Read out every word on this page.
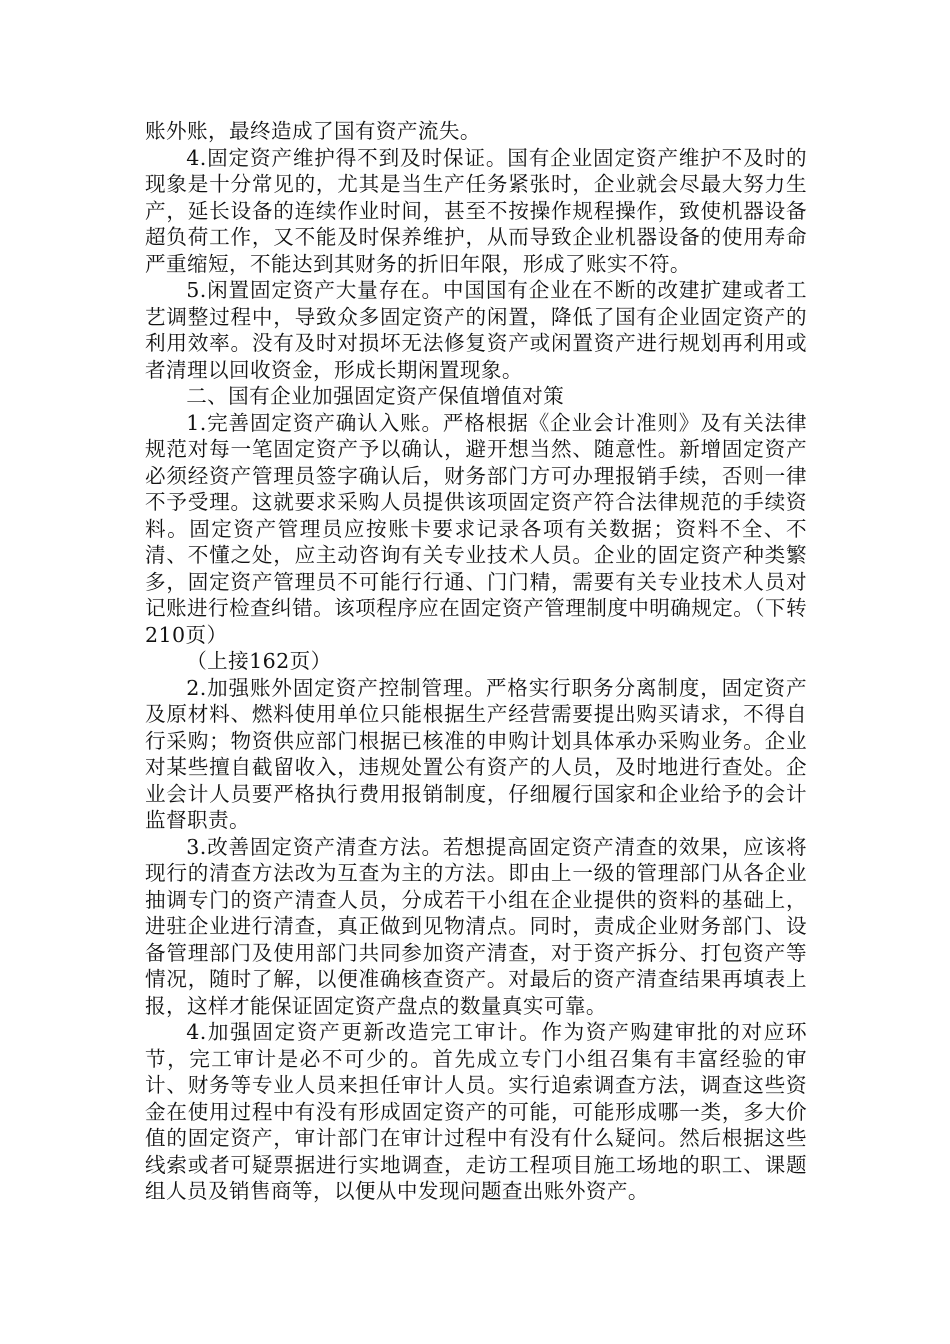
账外账，最终造成了国有资产流失。

4.固定资产维护得不到及时保证。国有企业固定资产维护不及时的现象是十分常见的，尤其是当生产任务紧张时，企业就会尽最大努力生产，延长设备的连续作业时间，甚至不按操作规程操作，致使机器设备超负荷工作，又不能及时保养维护，从而导致企业机器设备的使用寿命严重缩短，不能达到其财务的折旧年限，形成了账实不符。

5.闲置固定资产大量存在。中国国有企业在不断的改建扩建或者工艺调整过程中，导致众多固定资产的闲置，降低了国有企业固定资产的利用效率。没有及时对损坏无法修复资产或闲置资产进行规划再利用或者清理以回收资金，形成长期闲置现象。

二、国有企业加强固定资产保值增值对策

1.完善固定资产确认入账。严格根据《企业会计准则》及有关法律规范对每一笔固定资产予以确认，避开想当然、随意性。新增固定资产必须经资产管理员签字确认后，财务部门方可办理报销手续，否则一律不予受理。这就要求采购人员提供该项固定资产符合法律规范的手续资料。固定资产管理员应按账卡要求记录各项有关数据；资料不全、不清、不懂之处，应主动咨询有关专业技术人员。企业的固定资产种类繁多，固定资产管理员不可能行行通、门门精，需要有关专业技术人员对记账进行检查纠错。该项程序应在固定资产管理制度中明确规定。（下转210页）

（上接162页）

2.加强账外固定资产控制管理。严格实行职务分离制度，固定资产及原材料、燃料使用单位只能根据生产经营需要提出购买请求，不得自行采购；物资供应部门根据已核准的申购计划具体承办采购业务。企业对某些擅自截留收入，违规处置公有资产的人员，及时地进行查处。企业会计人员要严格执行费用报销制度，仔细履行国家和企业给予的会计监督职责。

3.改善固定资产清查方法。若想提高固定资产清查的效果，应该将现行的清查方法改为互查为主的方法。即由上一级的管理部门从各企业抽调专门的资产清查人员，分成若干小组在企业提供的资料的基础上，进驻企业进行清查，真正做到见物清点。同时，责成企业财务部门、设备管理部门及使用部门共同参加资产清查，对于资产拆分、打包资产等情况，随时了解，以便准确核查资产。对最后的资产清查结果再填表上报，这样才能保证固定资产盘点的数量真实可靠。

4.加强固定资产更新改造完工审计。作为资产购建审批的对应环节，完工审计是必不可少的。首先成立专门小组召集有丰富经验的审计、财务等专业人员来担任审计人员。实行追索调查方法，调查这些资金在使用过程中有没有形成固定资产的可能，可能形成哪一类，多大价值的固定资产，审计部门在审计过程中有没有什么疑问。然后根据这些线索或者可疑票据进行实地调查，走访工程项目施工场地的职工、课题组人员及销售商等，以便从中发现问题查出账外资产。
